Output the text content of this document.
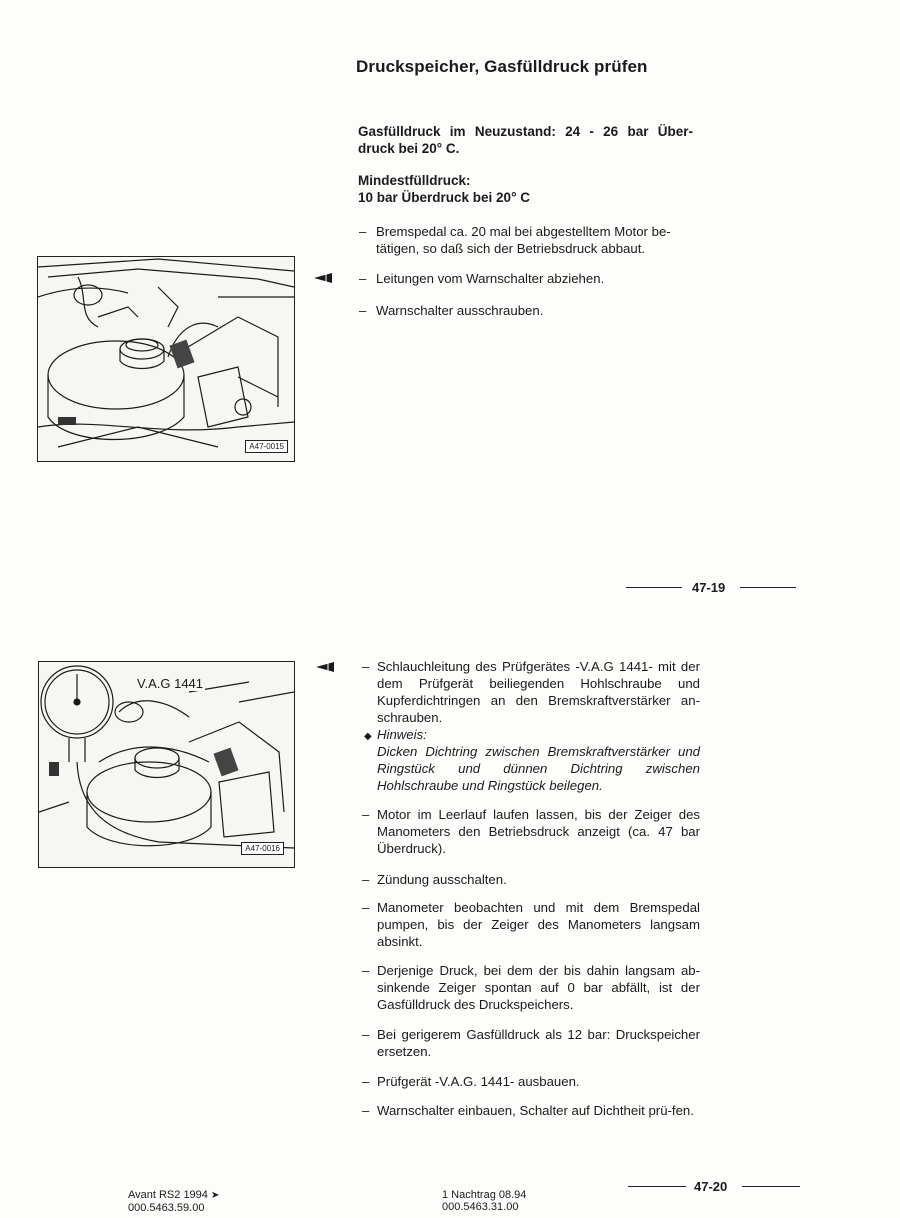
Druckspeicher, Gasfülldruck prüfen
Gasfülldruck im Neuzustand: 24 - 26 bar Über-
druck bei 20° C.
Mindestfülldruck:
10 bar Überdruck bei 20° C
– Bremspedal ca. 20 mal bei abgestelltem Motor be-tätigen, so daß sich der Betriebsdruck abbaut.
– Leitungen vom Warnschalter abziehen.
– Warnschalter ausschrauben.
A47-0015
47-19
V.A.G 1441
A47-0016
– Schlauchleitung des Prüfgerätes -V.A.G 1441- mit der dem Prüfgerät beiliegenden Hohlschraube und Kupferdichtringen an den Bremskraftverstärker an-schrauben.
◆ Hinweis:
Dicken Dichtring zwischen Bremskraftverstärker und Ringstück und dünnen Dichtring zwischen Hohlschraube und Ringstück beilegen.
– Motor im Leerlauf laufen lassen, bis der Zeiger des Manometers den Betriebsdruck anzeigt (ca. 47 bar Überdruck).
– Zündung ausschalten.
– Manometer beobachten und mit dem Bremspedal pumpen, bis der Zeiger des Manometers langsam absinkt.
– Derjenige Druck, bei dem der bis dahin langsam ab-sinkende Zeiger spontan auf 0 bar abfällt, ist der Gasfülldruck des Druckspeichers.
– Bei gerigerem Gasfülldruck als 12 bar: Druckspeicher ersetzen.
– Prüfgerät -V.A.G. 1441- ausbauen.
– Warnschalter einbauen, Schalter auf Dichtheit prü-fen.
47-20
Avant RS2 1994 ➤
000.5463.59.00
1 Nachtrag 08.94
000.5463.31.00
